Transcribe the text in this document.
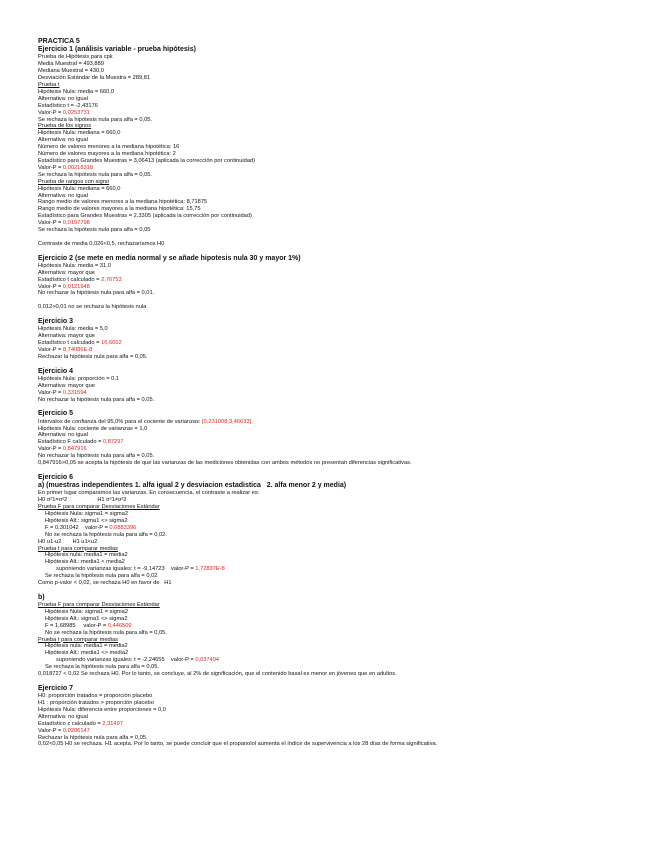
PRACTICA 5
Ejercicio 1 (análisis variable - prueba hipótesis)
Prueba de Hipótesis para cpk
Media Muestral = 493,889
Mediana Muestral = 430,0
Desviación Estándar de la Muestra = 289,81
Prueba t
Hipótesis Nula: media = 660,0
Alternativa: no igual
Estadístico t = -2,43176
Valor-P = 0,0253731
Se rechaza la hipótesis nula para alfa = 0,05.
Prueba de los signos
Hipótesis Nula: mediana = 660,0
Alternativa: no igual
Número de valores menores a la mediana hipotética: 16
Número de valores mayores a la mediana hipotética: 2
Estadístico para Grandes Muestras = 3,06413 (aplicada la corrección por continuidad)
Valor-P = 0,00218318
Se rechaza la hipótesis nula para alfa = 0,05.
Prueba de rangos con signo
Hipótesis Nula: mediana = 660,0
Alternativa: no igual
Rango medio de valores menores a la mediana hipotética: 8,71875
Rango medio de valores mayores a la mediana hipotética: 15,75
Estadístico para Grandes Muestras = 2,3305 (aplicada la corrección por continuidad)
Valor-P = 0,0197798
Se rechaza la hipótesis nula para alfa = 0,05
Contraste de media 0,026<0,5, rechazaríamos H0
Ejercicio 2 (se mete en media normal y se añade hipotesis nula 30 y mayor 1%)
Hipótesis Nula: media = 31,0
Alternativa: mayor que
Estadístico t calculado = 2,76753
Valor-P = 0,0121948
No rechazar la hipótesis nula para alfa = 0,01.
0,012>0,01 no se rechaza la hipótesis nula
Ejercicio 3
Hipótesis Nula: media = 5,0
Alternativa: mayor que
Estadístico t calculado = 16,6052
Valor-P = 8,74086E-8
Rechazar la hipótesis nula para alfa = 0,05.
Ejercicio 4
Hipótesis Nula: proporción = 0,1
Alternativa: mayor que
Valor-P = 0,331594
No rechazar la hipótesis nula para alfa = 0,05.
Ejercicio 5
Intervalos de confianza del 95,0% para el cociente de varianzas: [0,231008;3,46633]
Hipótesis Nula: cociente de varianzas = 1,0
Alternativa: no igual
Estadístico F calculado = 0,87297
Valor-P = 0,847916
No rechazar la hipótesis nula para alfa = 0,05.
0,847916>0,05 se acepta la hipótesis de que las varianzas de las mediciones obtenidas con ambos métodos no presentan diferencias significativas.
Ejercicio 6
a) (muestras independientes 1. alfa igual 2 y desviacion estadistica   2. alfa menor 2 y media)
En primer lugar comparamos las varianzas. En consecuencia, el contraste a realizar es:
H0 σ²1=σ²2                   H1 σ²1≠σ²2
Prueba F para comparar Desviaciones Estándar
Hipótesis Nula: sigma1 = sigma2
Hipótesis Alt.: sigma1 <> sigma2
F = 0,301042    valor-P = 0,0883396
No se rechaza la hipótesis nula para alfa = 0,02.
H0 u1-u2       H1 u1<u2
Prueba t para comparar medias
Hipótesis nula: media1 = media2
Hipótesis Alt.: media1 < media2
suponiendo varianzas iguales: t = -9,14723    valor-P = 1,72837E-8
Se rechaza la hipótesis nula para alfa = 0,02
Como p-valor < 0,02, se rechaza H0 en favor de   H1
b)
Prueba F para comparar Desviaciones Estándar
Hipótesis Nula: sigma1 = sigma2
Hipótesis Alt.: sigma1 <> sigma2
F = 1,68985     valor-P = 0,446509
No se rechaza la hipótesis nula para alfa = 0,05.
Prueba t para comparar medias
Hipótesis nula: media1 = media2
Hipótesis Alt.: media1 <> media2
suponiendo varianzas iguales: t = -2,24655    valor-P = 0,037494
Se rechaza la hipótesis nula para alfa = 0,05.
0,018727 < 0,02 Se rechaza H0. Por lo tanto, se concluye, al 2% de significación, que el contenido basal es menor en jóvenes que en adultos.
Ejercicio 7
H0: proporción tratados = proporción placebo
H1 : proporción tratados > proporción placebo
Hipótesis Nula: diferencia entre proporciones = 0,0
Alternativa: no igual
Estadístico z calculado = 2,31497
Valor-P = 0,0206147
Rechazar la hipótesis nula para alfa = 0,05.
0,02<0,05 H0 se rechaza. H1 acepta. Por lo tanto, se puede concluir que el propanolol aumenta el índice de supervivencia a los 28 días de forma significativa.
